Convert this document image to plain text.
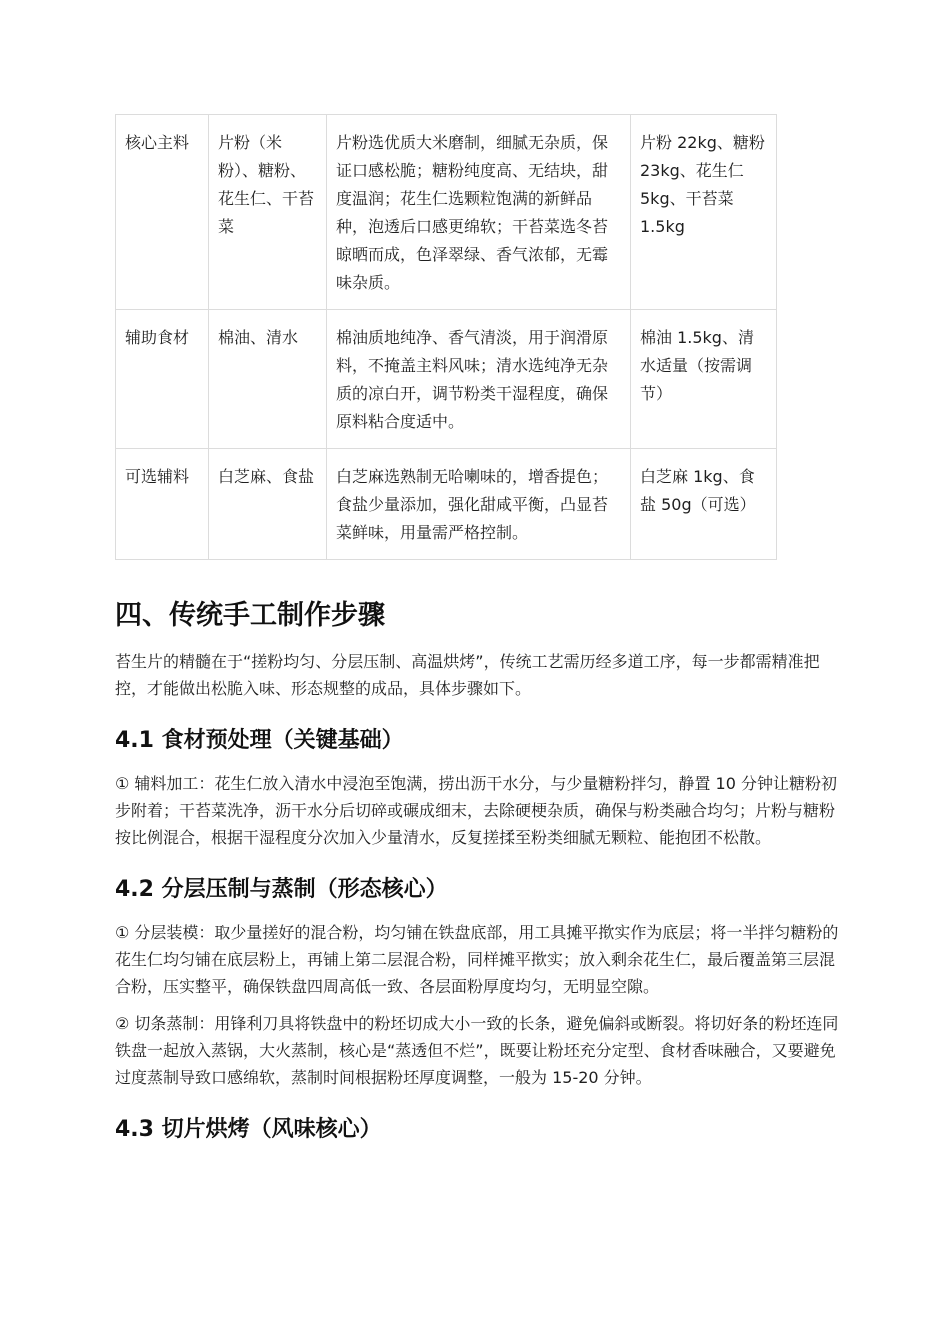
核心主料	片粉（米粉）、糖粉、花生仁、干苔菜	片粉选优质大米磨制，细腻无杂质，保证口感松脆；糖粉纯度高、无结块，甜度温润；花生仁选颗粒饱满的新鲜品种，泡透后口感更绵软；干苔菜选冬苔晾晒而成，色泽翠绿、香气浓郁，无霉味杂质。	片粉 22kg、糖粉 23kg、花生仁 5kg、干苔菜 1.5kg
辅助食材	棉油、清水	棉油质地纯净、香气清淡，用于润滑原料，不掩盖主料风味；清水选纯净无杂质的凉白开，调节粉类干湿程度，确保原料粘合度适中。	棉油 1.5kg、清水适量（按需调节）
可选辅料	白芝麻、食盐	白芝麻选熟制无哈喇味的，增香提色；食盐少量添加，强化甜咸平衡，凸显苔菜鲜味，用量需严格控制。	白芝麻 1kg、食盐 50g（可选）
四、传统手工制作步骤

苔生片的精髓在于“搓粉均匀、分层压制、高温烘烤”，传统工艺需历经多道工序，每一步都需精准把控，才能做出松脆入味、形态规整的成品，具体步骤如下。

4.1 食材预处理（关键基础）

① 辅料加工：花生仁放入清水中浸泡至饱满，捞出沥干水分，与少量糖粉拌匀，静置 10 分钟让糖粉初步附着；干苔菜洗净，沥干水分后切碎或碾成细末，去除硬梗杂质，确保与粉类融合均匀；片粉与糖粉按比例混合，根据干湿程度分次加入少量清水，反复搓揉至粉类细腻无颗粒、能抱团不松散。

4.2 分层压制与蒸制（形态核心）

① 分层装模：取少量搓好的混合粉，均匀铺在铁盘底部，用工具摊平揿实作为底层；将一半拌匀糖粉的花生仁均匀铺在底层粉上，再铺上第二层混合粉，同样摊平揿实；放入剩余花生仁，最后覆盖第三层混合粉，压实整平，确保铁盘四周高低一致、各层面粉厚度均匀，无明显空隙。

② 切条蒸制：用锋利刀具将铁盘中的粉坯切成大小一致的长条，避免偏斜或断裂。将切好条的粉坯连同铁盘一起放入蒸锅，大火蒸制，核心是“蒸透但不烂”，既要让粉坯充分定型、食材香味融合，又要避免过度蒸制导致口感绵软，蒸制时间根据粉坯厚度调整，一般为 15-20 分钟。

4.3 切片烘烤（风味核心）
